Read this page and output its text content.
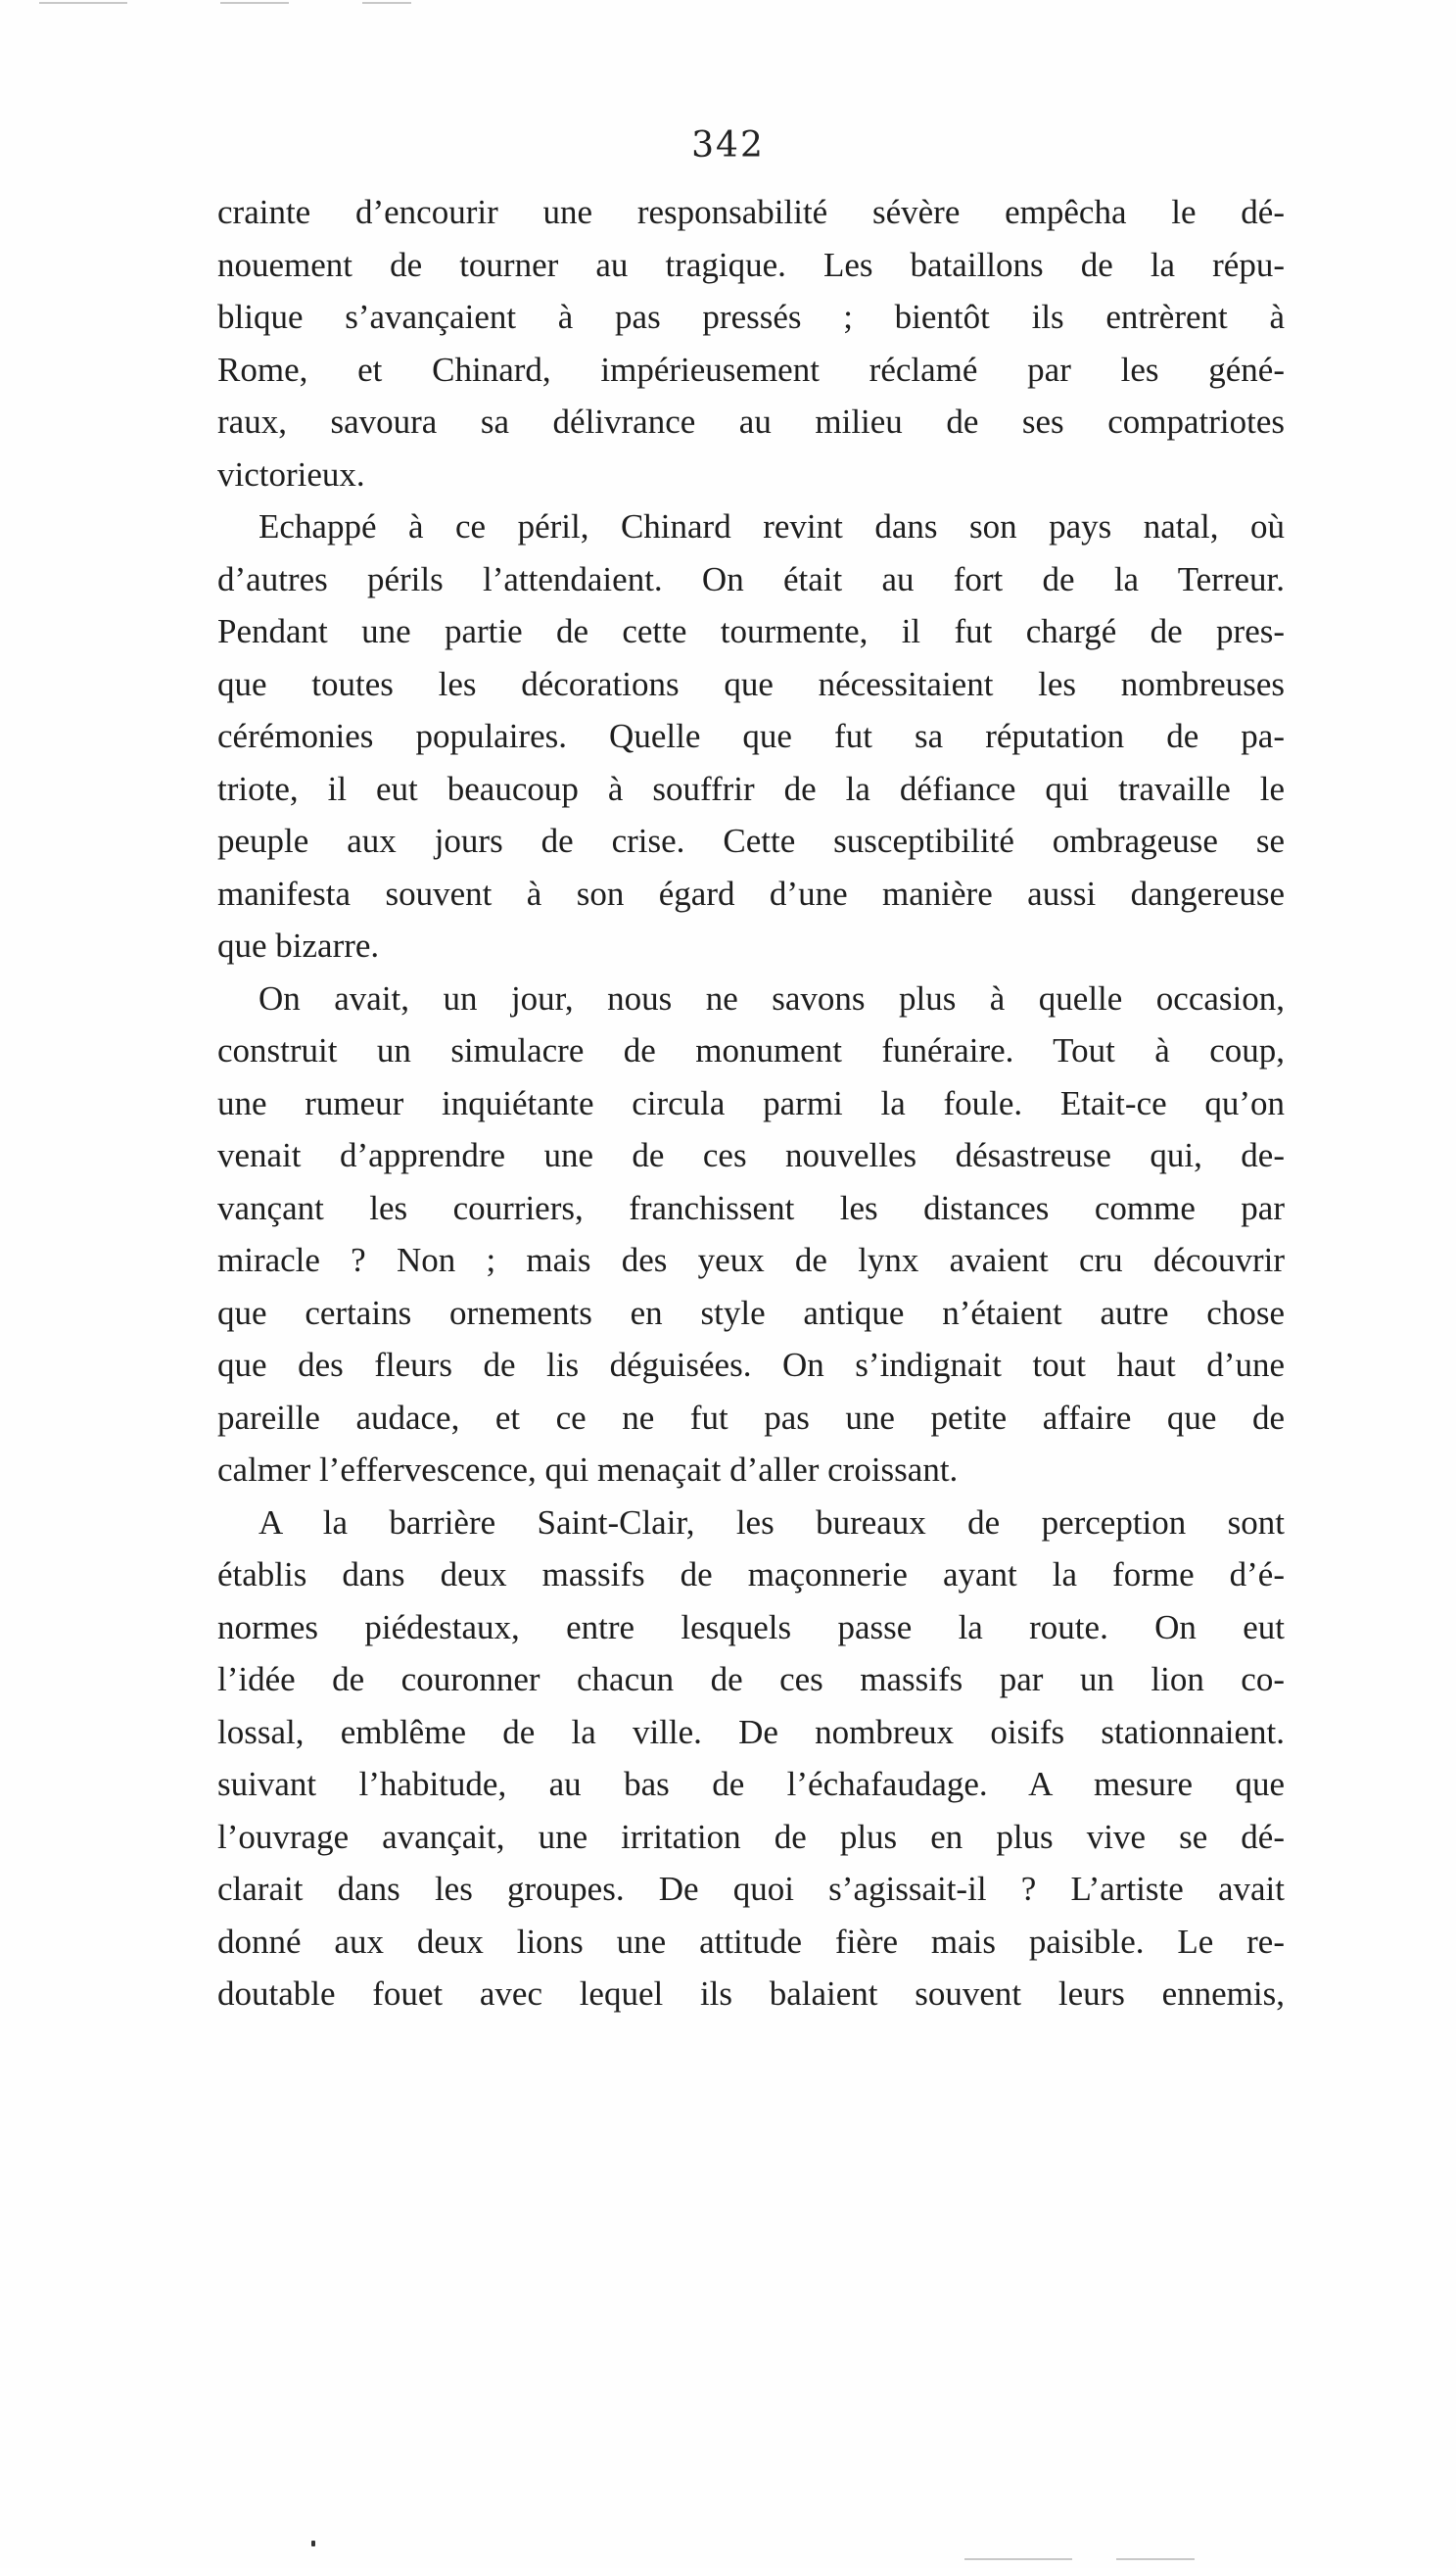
342
crainte d’encourir une responsabilité sévère empêcha le dé-
nouement de tourner au tragique. Les bataillons de la répu-
blique s’avançaient à pas pressés ; bientôt ils entrèrent à
Rome, et Chinard, impérieusement réclamé par les géné-
raux, savoura sa délivrance au milieu de ses compatriotes
victorieux.
Echappé à ce péril, Chinard revint dans son pays natal, où
d’autres périls l’attendaient. On était au fort de la Terreur.
Pendant une partie de cette tourmente, il fut chargé de pres-
que toutes les décorations que nécessitaient les nombreuses
cérémonies populaires. Quelle que fut sa réputation de pa-
triote, il eut beaucoup à souffrir de la défiance qui travaille le
peuple aux jours de crise. Cette susceptibilité ombrageuse se
manifesta souvent à son égard d’une manière aussi dangereuse
que bizarre.
On avait, un jour, nous ne savons plus à quelle occasion,
construit un simulacre de monument funéraire. Tout à coup,
une rumeur inquiétante circula parmi la foule. Etait-ce qu’on
venait d’apprendre une de ces nouvelles désastreuse qui, de-
vançant les courriers, franchissent les distances comme par
miracle ? Non ; mais des yeux de lynx avaient cru découvrir
que certains ornements en style antique n’étaient autre chose
que des fleurs de lis déguisées. On s’indignait tout haut d’une
pareille audace, et ce ne fut pas une petite affaire que de
calmer l’effervescence, qui menaçait d’aller croissant.
A la barrière Saint-Clair, les bureaux de perception sont
établis dans deux massifs de maçonnerie ayant la forme d’é-
normes piédestaux, entre lesquels passe la route. On eut
l’idée de couronner chacun de ces massifs par un lion co-
lossal, emblême de la ville. De nombreux oisifs stationnaient.
suivant l’habitude, au bas de l’échafaudage. A mesure que
l’ouvrage avançait, une irritation de plus en plus vive se dé-
clarait dans les groupes. De quoi s’agissait-il ? L’artiste avait
donné aux deux lions une attitude fière mais paisible. Le re-
doutable fouet avec lequel ils balaient souvent leurs ennemis,
